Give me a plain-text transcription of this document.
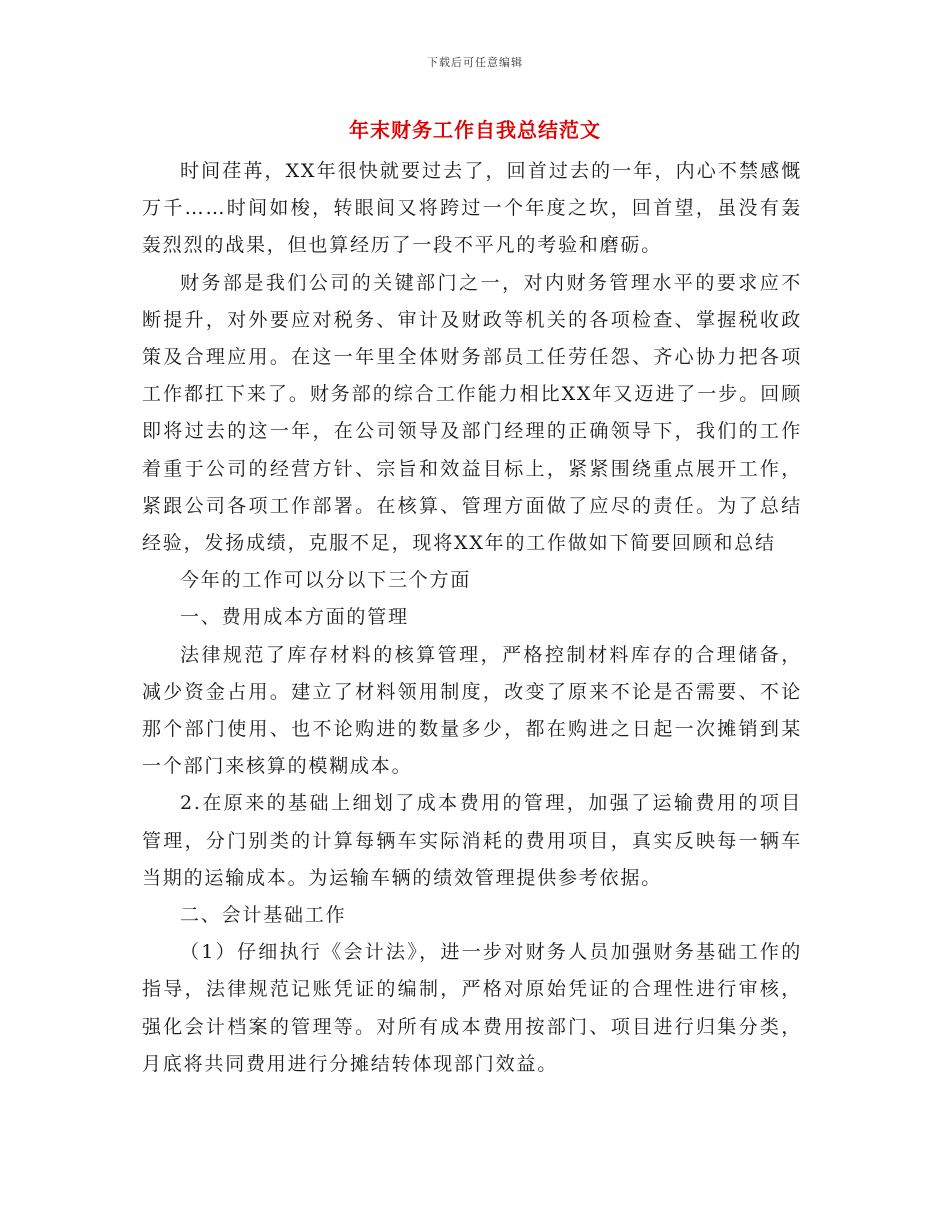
下载后可任意编辑
年末财务工作自我总结范文

时间荏苒，XX年很快就要过去了，回首过去的一年，内心不禁感慨万千……时间如梭，转眼间又将跨过一个年度之坎，回首望，虽没有轰轰烈烈的战果，但也算经历了一段不平凡的考验和磨砺。

财务部是我们公司的关键部门之一，对内财务管理水平的要求应不断提升，对外要应对税务、审计及财政等机关的各项检查、掌握税收政策及合理应用。在这一年里全体财务部员工任劳任怨、齐心协力把各项工作都扛下来了。财务部的综合工作能力相比XX年又迈进了一步。回顾即将过去的这一年，在公司领导及部门经理的正确领导下，我们的工作着重于公司的经营方针、宗旨和效益目标上，紧紧围绕重点展开工作，紧跟公司各项工作部署。在核算、管理方面做了应尽的责任。为了总结经验，发扬成绩，克服不足，现将XX年的工作做如下简要回顾和总结

今年的工作可以分以下三个方面

一、费用成本方面的管理

法律规范了库存材料的核算管理，严格控制材料库存的合理储备，减少资金占用。建立了材料领用制度，改变了原来不论是否需要、不论那个部门使用、也不论购进的数量多少，都在购进之日起一次摊销到某一个部门来核算的模糊成本。

2.在原来的基础上细划了成本费用的管理，加强了运输费用的项目管理，分门别类的计算每辆车实际消耗的费用项目，真实反映每一辆车当期的运输成本。为运输车辆的绩效管理提供参考依据。

二、会计基础工作

（1）仔细执行《会计法》，进一步对财务人员加强财务基础工作的指导，法律规范记账凭证的编制，严格对原始凭证的合理性进行审核，强化会计档案的管理等。对所有成本费用按部门、项目进行归集分类，月底将共同费用进行分摊结转体现部门效益。
